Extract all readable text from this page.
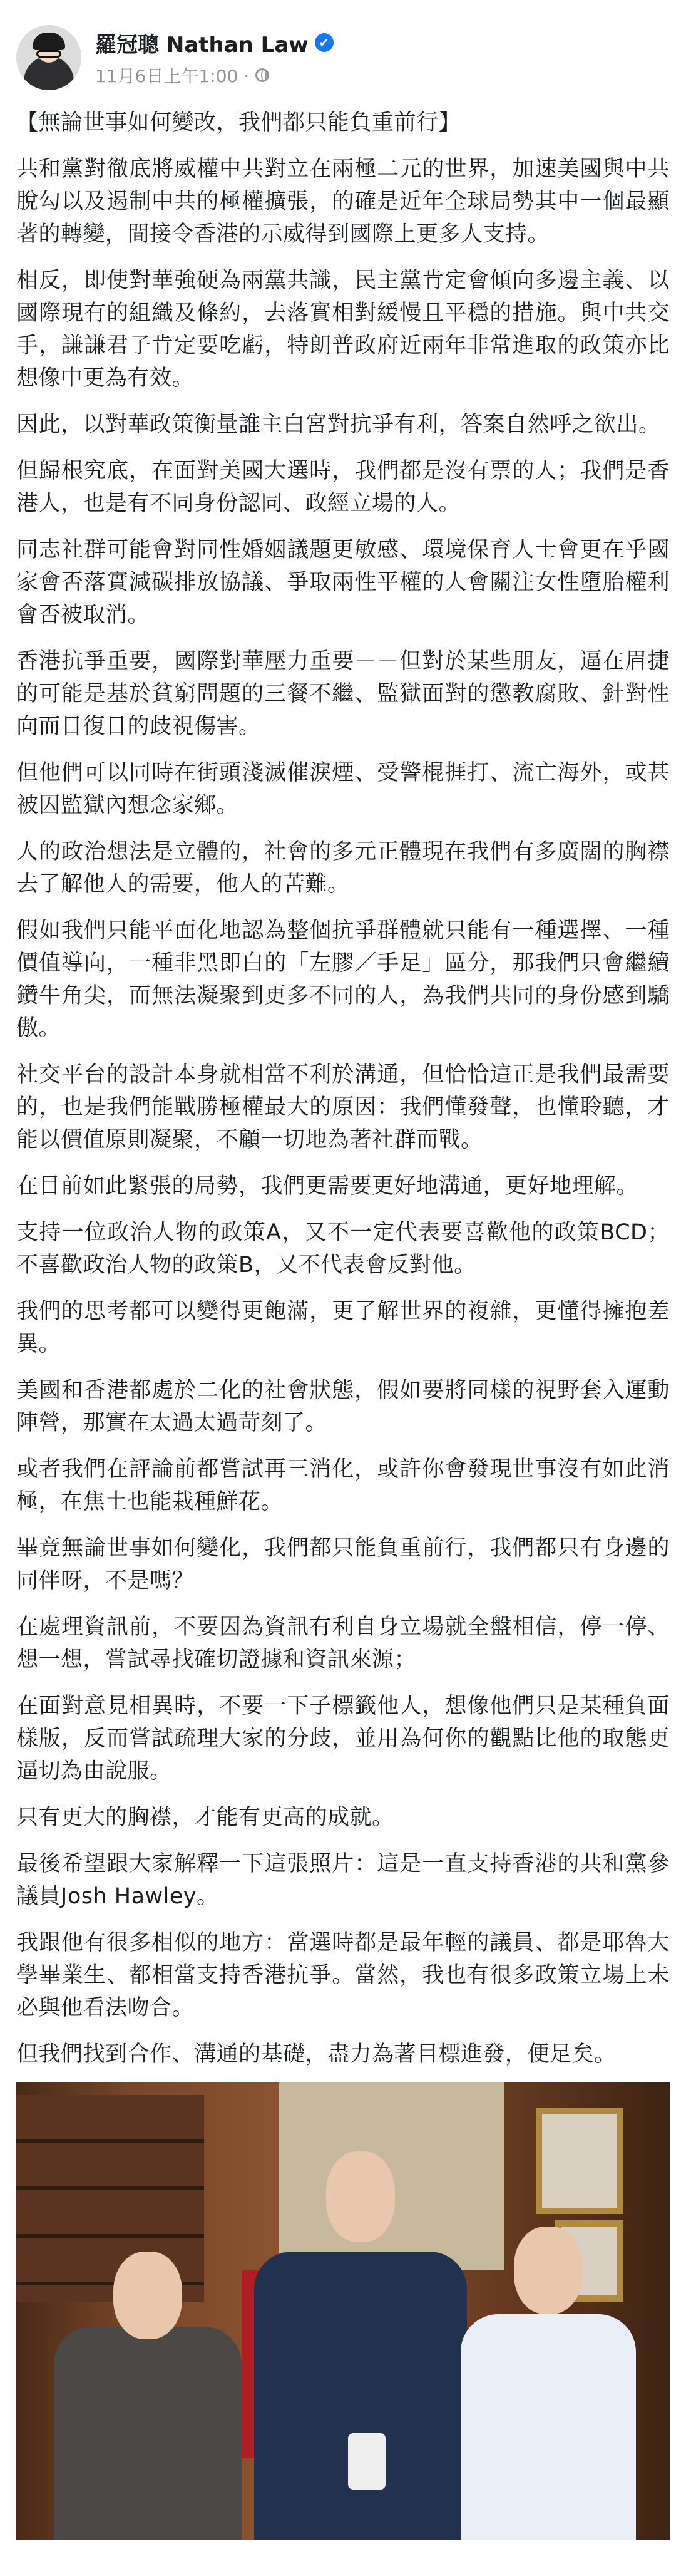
羅冠聰 Nathan Law ✔
11月6日上午1:00 ·

【無論世事如何變改，我們都只能負重前行】

共和黨對徹底將威權中共對立在兩極二元的世界，加速美國與中共脫勾以及遏制中共的極權擴張，的確是近年全球局勢其中一個最顯著的轉變，間接令香港的示威得到國際上更多人支持。

相反，即使對華強硬為兩黨共識，民主黨肯定會傾向多邊主義、以國際現有的組織及條約，去落實相對緩慢且平穩的措施。與中共交手，謙謙君子肯定要吃虧，特朗普政府近兩年非常進取的政策亦比想像中更為有效。

因此，以對華政策衡量誰主白宮對抗爭有利，答案自然呼之欲出。

但歸根究底，在面對美國大選時，我們都是沒有票的人；我們是香港人，也是有不同身份認同、政經立場的人。

同志社群可能會對同性婚姻議題更敏感、環境保育人士會更在乎國家會否落實減碳排放協議、爭取兩性平權的人會關注女性墮胎權利會否被取消。

香港抗爭重要，國際對華壓力重要－－但對於某些朋友，逼在眉捷的可能是基於貧窮問題的三餐不繼、監獄面對的懲教腐敗、針對性向而日復日的歧視傷害。

但他們可以同時在街頭淺滅催淚煙、受警棍捱打、流亡海外，或甚被囚監獄內想念家鄉。

人的政治想法是立體的，社會的多元正體現在我們有多廣闊的胸襟去了解他人的需要，他人的苦難。

假如我們只能平面化地認為整個抗爭群體就只能有一種選擇、一種價值導向，一種非黑即白的「左膠／手足」區分，那我們只會繼續鑽牛角尖，而無法凝聚到更多不同的人，為我們共同的身份感到驕傲。

社交平台的設計本身就相當不利於溝通，但恰恰這正是我們最需要的，也是我們能戰勝極權最大的原因：我們懂發聲，也懂聆聽，才能以價值原則凝聚，不顧一切地為著社群而戰。

在目前如此緊張的局勢，我們更需要更好地溝通，更好地理解。

支持一位政治人物的政策A，又不一定代表要喜歡他的政策BCD；不喜歡政治人物的政策B，又不代表會反對他。

我們的思考都可以變得更飽滿，更了解世界的複雜，更懂得擁抱差異。

美國和香港都處於二化的社會狀態，假如要將同樣的視野套入運動陣營，那實在太過太過苛刻了。

或者我們在評論前都嘗試再三消化，或許你會發現世事沒有如此消極，在焦土也能栽種鮮花。

畢竟無論世事如何變化，我們都只能負重前行，我們都只有身邊的同伴呀，不是嗎？

在處理資訊前，不要因為資訊有利自身立場就全盤相信，停一停、想一想，嘗試尋找確切證據和資訊來源；

在面對意見相異時，不要一下子標籤他人，想像他們只是某種負面樣版，反而嘗試疏理大家的分歧，並用為何你的觀點比他的取態更逼切為由說服。

只有更大的胸襟，才能有更高的成就。

最後希望跟大家解釋一下這張照片：這是一直支持香港的共和黨參議員Josh Hawley。

我跟他有很多相似的地方：當選時都是最年輕的議員、都是耶魯大學畢業生、都相當支持香港抗爭。當然，我也有很多政策立場上未必與他看法吻合。

但我們找到合作、溝通的基礎，盡力為著目標進發，便足矣。
